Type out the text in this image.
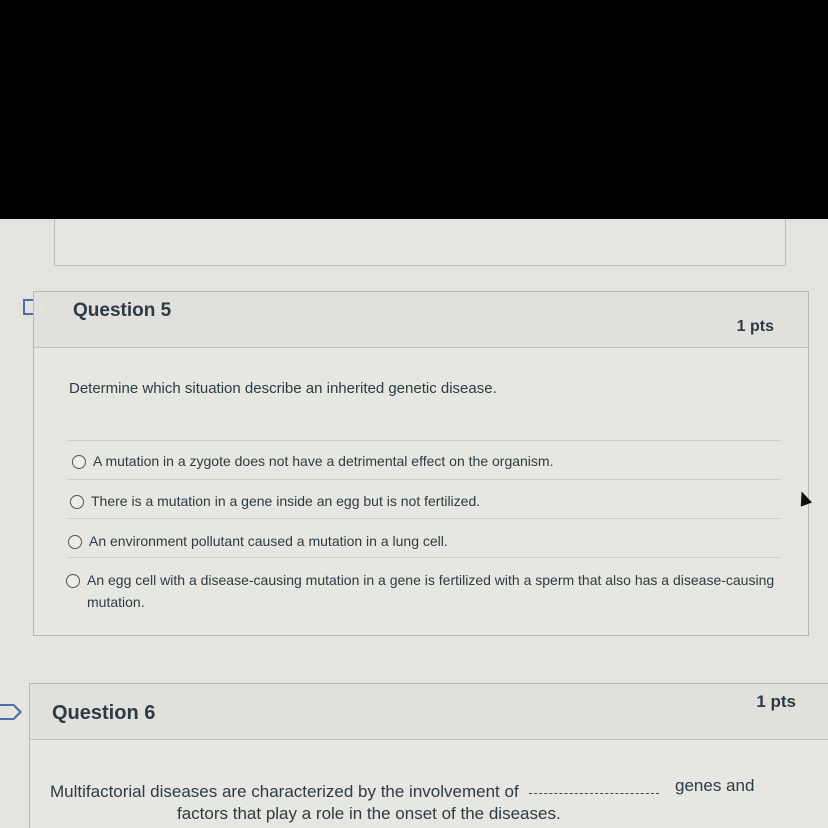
Question 5
1 pts
Determine which situation describe an inherited genetic disease.
A mutation in a zygote does not have a detrimental effect on the organism.
There is a mutation in a gene inside an egg but is not fertilized.
An environment pollutant caused a mutation in a lung cell.
An egg cell with a disease-causing mutation in a gene is fertilized with a sperm that also has a disease-causing mutation.
Question 6
1 pts
Multifactorial diseases are characterized by the involvement of	genes and
factors that play a role in the onset of the diseases.
